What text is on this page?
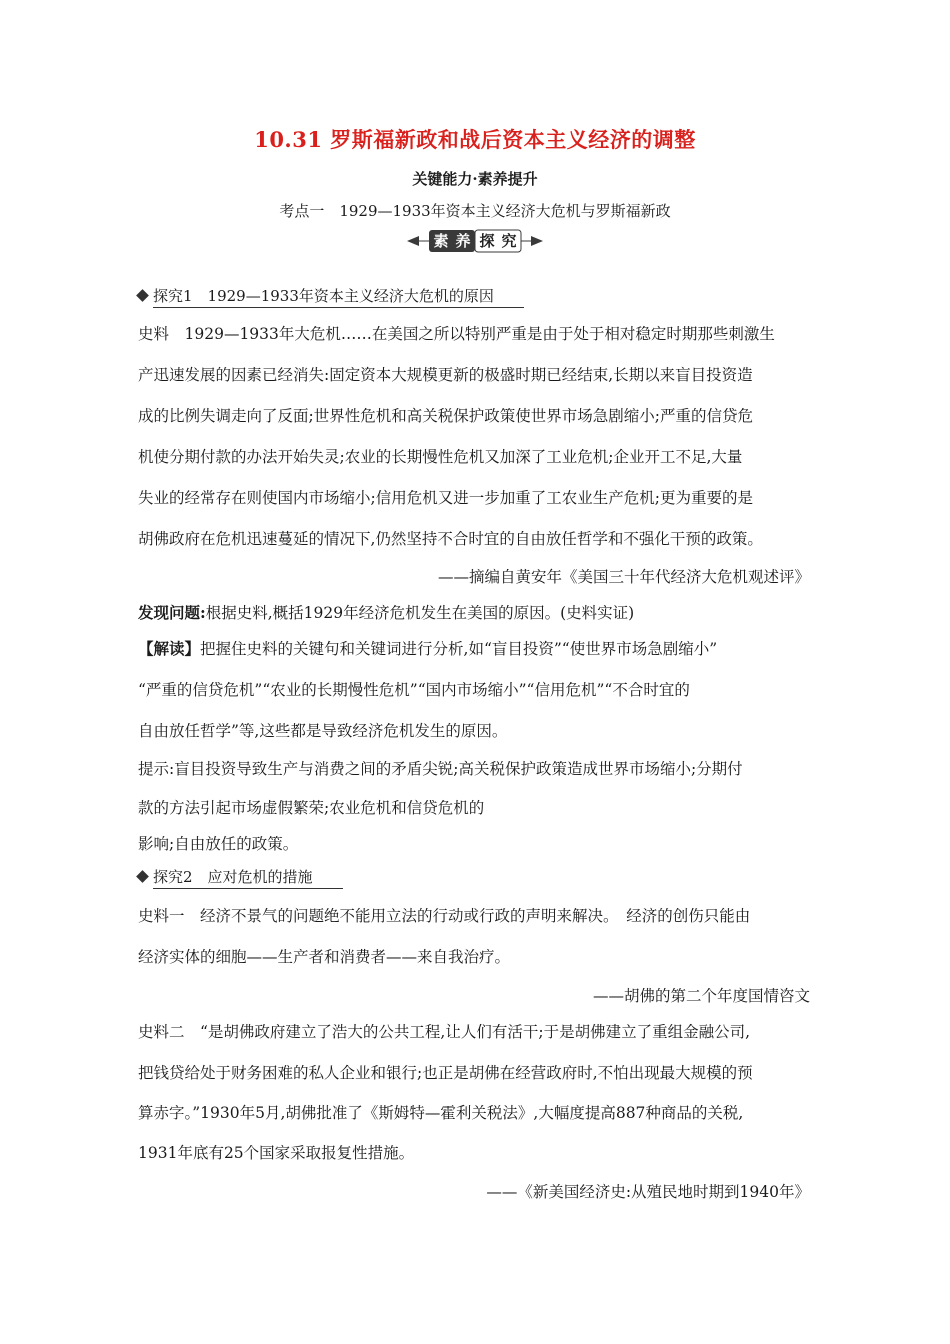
10.31 罗斯福新政和战后资本主义经济的调整
关键能力·素养提升
考点一　1929—1933年资本主义经济大危机与罗斯福新政
素 养 探 究
探究1　1929—1933年资本主义经济大危机的原因
史料　1929—1933年大危机……在美国之所以特别严重是由于处于相对稳定时期那些刺激生
产迅速发展的因素已经消失:固定资本大规模更新的极盛时期已经结束,长期以来盲目投资造
成的比例失调走向了反面;世界性危机和高关税保护政策使世界市场急剧缩小;严重的信贷危
机使分期付款的办法开始失灵;农业的长期慢性危机又加深了工业危机;企业开工不足,大量
失业的经常存在则使国内市场缩小;信用危机又进一步加重了工农业生产危机;更为重要的是
胡佛政府在危机迅速蔓延的情况下,仍然坚持不合时宜的自由放任哲学和不强化干预的政策。
——摘编自黄安年《美国三十年代经济大危机观述评》
发现问题:根据史料,概括1929年经济危机发生在美国的原因。(史料实证)
【解读】把握住史料的关键句和关键词进行分析,如“盲目投资”“使世界市场急剧缩小”
“严重的信贷危机”“农业的长期慢性危机”“国内市场缩小”“信用危机”“不合时宜的
自由放任哲学”等,这些都是导致经济危机发生的原因。
提示:盲目投资导致生产与消费之间的矛盾尖锐;高关税保护政策造成世界市场缩小;分期付
款的方法引起市场虚假繁荣;农业危机和信贷危机的
影响;自由放任的政策。
探究2　应对危机的措施
史料一　经济不景气的问题绝不能用立法的行动或行政的声明来解决。　经济的创伤只能由
经济实体的细胞——生产者和消费者——来自我治疗。
——胡佛的第二个年度国情咨文
史料二　“是胡佛政府建立了浩大的公共工程,让人们有活干;于是胡佛建立了重组金融公司,
把钱贷给处于财务困难的私人企业和银行;也正是胡佛在经营政府时,不怕出现最大规模的预
算赤字。”1930年5月,胡佛批准了《斯姆特—霍利关税法》,大幅度提高887种商品的关税,
1931年底有25个国家采取报复性措施。
——《新美国经济史:从殖民地时期到1940年》
